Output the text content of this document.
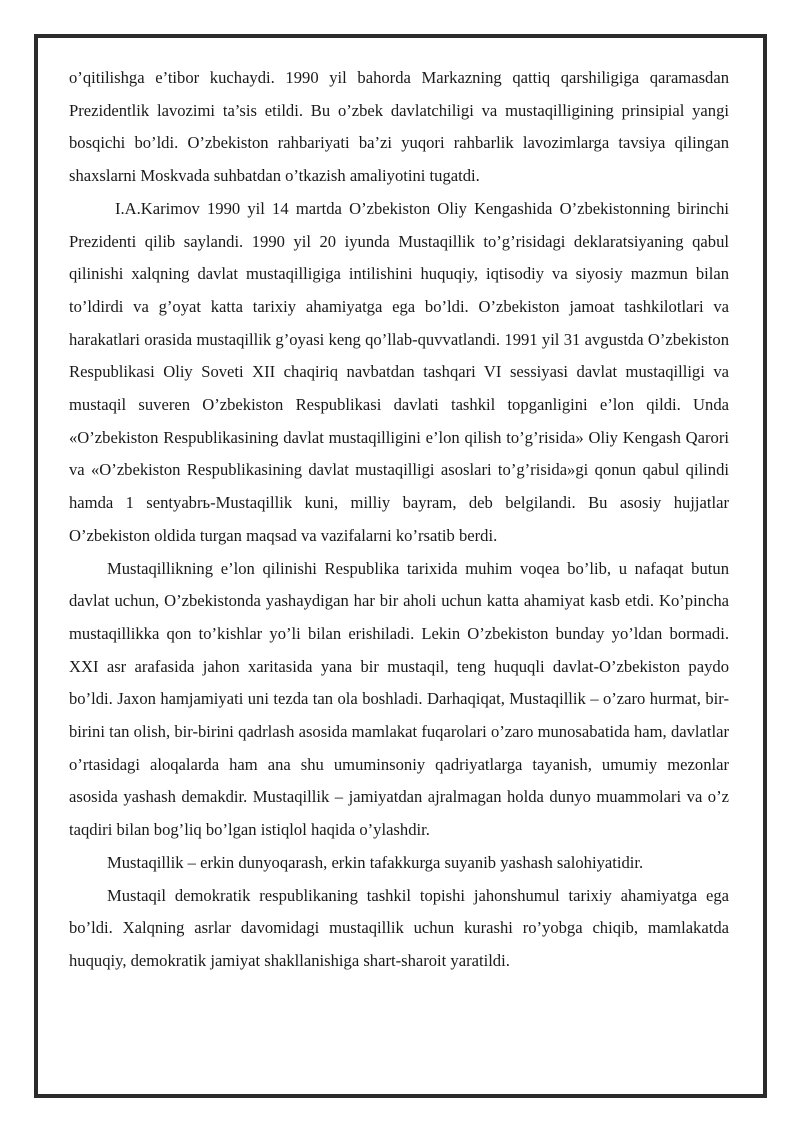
o’qitilishga e’tibor kuchaydi. 1990 yil bahorda Markazning qattiq qarshiligiga qaramasdan Prezidentlik lavozimi ta’sis etildi. Bu o’zbek davlatchiligi va mustaqilligining prinsipial yangi bosqichi bo’ldi. O’zbekiston rahbariyati ba’zi yuqori rahbarlik lavozimlarga tavsiya qilingan shaxslarni Moskvada suhbatdan o’tkazish amaliyotini tugatdi.

I.A.Karimov 1990 yil 14 martda O’zbekiston Oliy Kengashida O’zbekistonning birinchi Prezidenti qilib saylandi. 1990 yil 20 iyunda Mustaqillik to’g’risidagi deklaratsiyaning qabul qilinishi xalqning davlat mustaqilligiga intilishini huquqiy, iqtisodiy va siyosiy mazmun bilan to’ldirdi va g’oyat katta tarixiy ahamiyatga ega bo’ldi. O’zbekiston jamoat tashkilotlari va harakatlari orasida mustaqillik g’oyasi keng qo’llab-quvvatlandi. 1991 yil 31 avgustda O’zbekiston Respublikasi Oliy Soveti XII chaqiriq navbatdan tashqari VI sessiyasi davlat mustaqilligi va mustaqil suveren O’zbekiston Respublikasi davlati tashkil topganligini e’lon qildi. Unda «O’zbekiston Respublikasining davlat mustaqilligini e’lon qilish to’g’risida» Oliy Kengash Qarori va «O’zbekiston Respublikasining davlat mustaqilligi asoslari to’g’risida»gi qonun qabul qilindi hamda 1 sentyabrь-Mustaqillik kuni, milliy bayram, deb belgilandi. Bu asosiy hujjatlar O’zbekiston oldida turgan maqsad va vazifalarni ko’rsatib berdi.

Mustaqillikning e’lon qilinishi Respublika tarixida muhim voqea bo’lib, u nafaqat butun davlat uchun, O’zbekistonda yashaydigan har bir aholi uchun katta ahamiyat kasb etdi. Ko’pincha mustaqillikka qon to’kishlar yo’li bilan erishiladi. Lekin O’zbekiston bunday yo’ldan bormadi. XXI asr arafasida jahon xaritasida yana bir mustaqil, teng huquqli davlat-O’zbekiston paydo bo’ldi. Jaxon hamjamiyati uni tezda tan ola boshladi. Darhaqiqat, Mustaqillik – o’zaro hurmat, bir-birini tan olish, bir-birini qadrlash asosida mamlakat fuqarolari o’zaro munosabatida ham, davlatlar o’rtasidagi aloqalarda ham ana shu umuminsoniy qadriyatlarga tayanish, umumiy mezonlar asosida yashash demakdir. Mustaqillik – jamiyatdan ajralmagan holda dunyo muammolari va o’z taqdiri bilan bog’liq bo’lgan istiqlol haqida o’ylashdir.

Mustaqillik – erkin dunyoqarash, erkin tafakkurga suyanib yashash salohiyatidir.

Mustaqil demokratik respublikaning tashkil topishi jahonshumul tarixiy ahamiyatga ega bo’ldi. Xalqning asrlar davomidagi mustaqillik uchun kurashi ro’yobga chiqib, mamlakatda huquqiy, demokratik jamiyat shakllanishiga shart-sharoit yaratildi.
